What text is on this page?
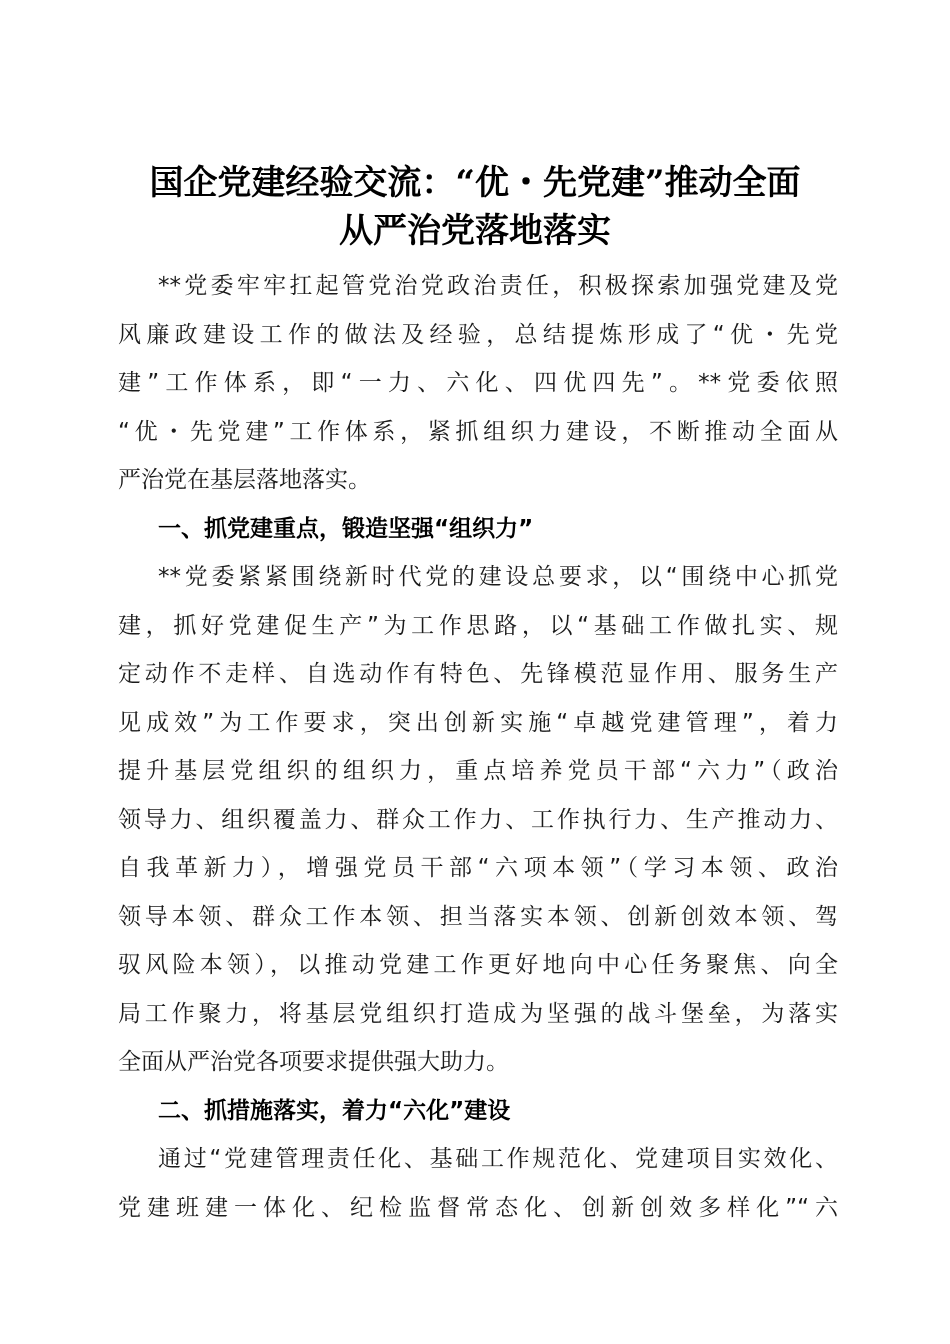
国企党建经验交流：“优・先党建”推动全面
从严治党落地落实
**党委牢牢扛起管党治党政治责任，积极探索加强党建及党
风廉政建设工作的做法及经验，总结提炼形成了“优・先党
建”工作体系，即“一力、六化、四优四先”。**党委依照
“优・先党建”工作体系，紧抓组织力建设，不断推动全面从
严治党在基层落地落实。
一、抓党建重点，锻造坚强“组织力”
**党委紧紧围绕新时代党的建设总要求，以“围绕中心抓党
建，抓好党建促生产”为工作思路，以“基础工作做扎实、规
定动作不走样、自选动作有特色、先锋模范显作用、服务生产
见成效”为工作要求，突出创新实施“卓越党建管理”，着力
提升基层党组织的组织力，重点培养党员干部“六力”（政治
领导力、组织覆盖力、群众工作力、工作执行力、生产推动力、
自我革新力），增强党员干部“六项本领”（学习本领、政治
领导本领、群众工作本领、担当落实本领、创新创效本领、驾
驭风险本领），以推动党建工作更好地向中心任务聚焦、向全
局工作聚力，将基层党组织打造成为坚强的战斗堡垒，为落实
全面从严治党各项要求提供强大助力。
二、抓措施落实，着力“六化”建设
通过“党建管理责任化、基础工作规范化、党建项目实效化、
党建班建一体化、纪检监督常态化、创新创效多样化”“六
